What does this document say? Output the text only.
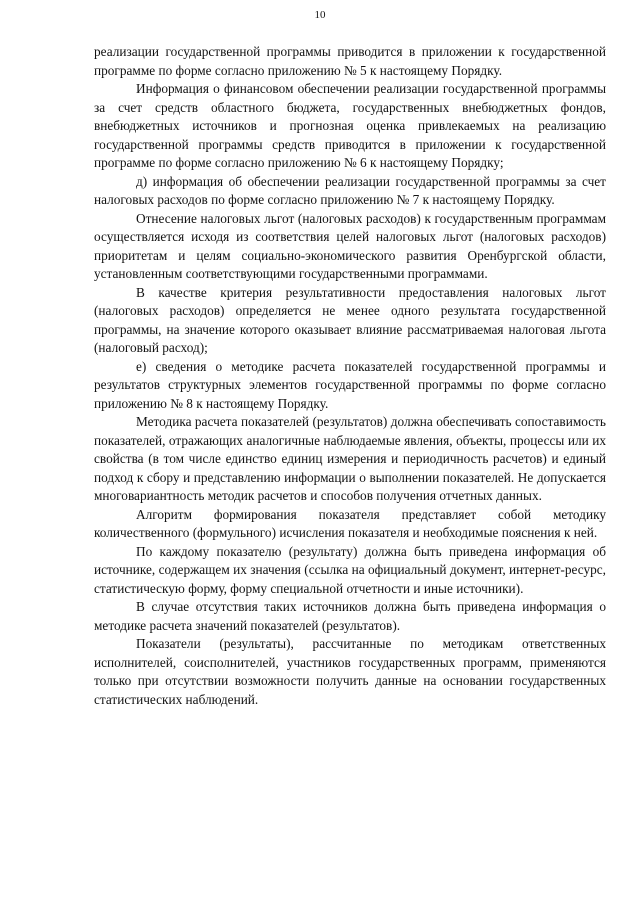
10

реализации государственной программы приводится в приложении к государственной программе по форме согласно приложению № 5 к настоящему Порядку.

Информация о финансовом обеспечении реализации государственной программы за счет средств областного бюджета, государственных внебюджетных фондов, внебюджетных источников и прогнозная оценка привлекаемых на реализацию государственной программы средств приводится в приложении к государственной программе по форме согласно приложению № 6 к настоящему Порядку;

д) информация об обеспечении реализации государственной программы за счет налоговых расходов по форме согласно приложению № 7 к настоящему Порядку.

Отнесение налоговых льгот (налоговых расходов) к государственным программам осуществляется исходя из соответствия целей налоговых льгот (налоговых расходов) приоритетам и целям социально-экономического развития Оренбургской области, установленным соответствующими государственными программами.

В качестве критерия результативности предоставления налоговых льгот (налоговых расходов) определяется не менее одного результата государственной программы, на значение которого оказывает влияние рассматриваемая налоговая льгота (налоговый расход);

е) сведения о методике расчета показателей государственной программы и результатов структурных элементов государственной программы по форме согласно приложению № 8 к настоящему Порядку.

Методика расчета показателей (результатов) должна обеспечивать сопоставимость показателей, отражающих аналогичные наблюдаемые явления, объекты, процессы или их свойства (в том числе единство единиц измерения и периодичность расчетов) и единый подход к сбору и представлению информации о выполнении показателей. Не допускается многовариантность методик расчетов и способов получения отчетных данных.

Алгоритм формирования показателя представляет собой методику количественного (формульного) исчисления показателя и необходимые пояснения к ней.

По каждому показателю (результату) должна быть приведена информация об источнике, содержащем их значения (ссылка на официальный документ, интернет-ресурс, статистическую форму, форму специальной отчетности и иные источники).

В случае отсутствия таких источников должна быть приведена информация о методике расчета значений показателей (результатов).

Показатели (результаты), рассчитанные по методикам ответственных исполнителей, соисполнителей, участников государственных программ, применяются только при отсутствии возможности получить данные на основании государственных статистических наблюдений.
